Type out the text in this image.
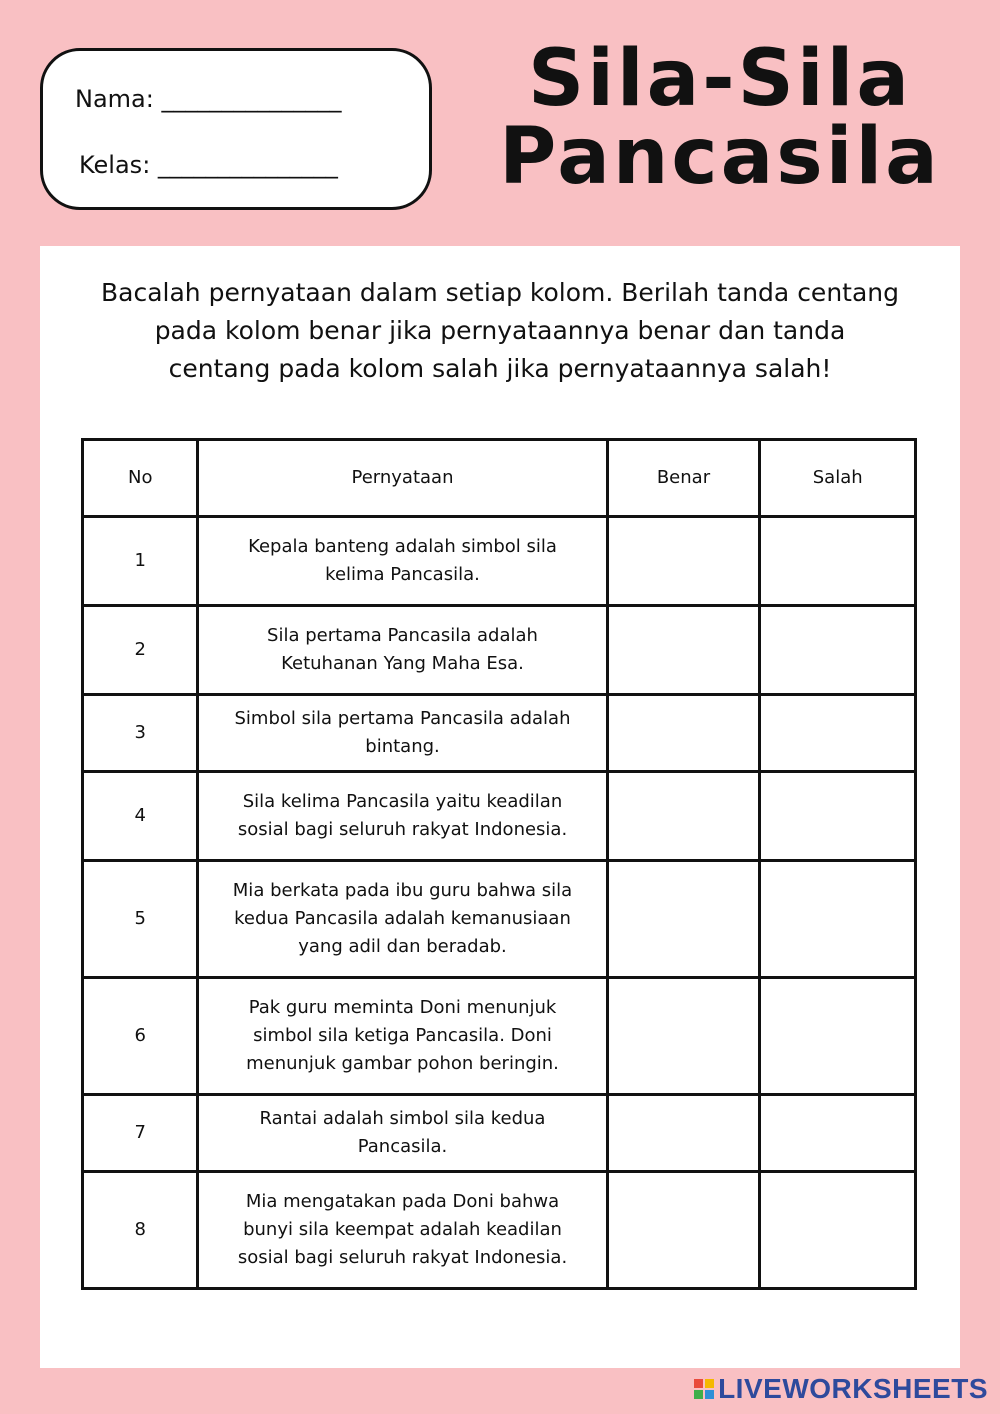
Nama: _______________
Kelas: _______________
Sila-Sila
Pancasila

Bacalah pernyataan dalam setiap kolom. Berilah tanda centang pada kolom benar jika pernyataannya benar dan tanda centang pada kolom salah jika pernyataannya salah!

No	Pernyataan	Benar	Salah
1	Kepala banteng adalah simbol sila kelima Pancasila.		
2	Sila pertama Pancasila adalah Ketuhanan Yang Maha Esa.		
3	Simbol sila pertama Pancasila adalah bintang.		
4	Sila kelima Pancasila yaitu keadilan sosial bagi seluruh rakyat Indonesia.		
5	Mia berkata pada ibu guru bahwa sila kedua Pancasila adalah kemanusiaan yang adil dan beradab.		
6	Pak guru meminta Doni menunjuk simbol sila ketiga Pancasila. Doni menunjuk gambar pohon beringin.		
7	Rantai adalah simbol sila kedua Pancasila.		
8	Mia mengatakan pada Doni bahwa bunyi sila keempat adalah keadilan sosial bagi seluruh rakyat Indonesia.		
LIVEWORKSHEETS
